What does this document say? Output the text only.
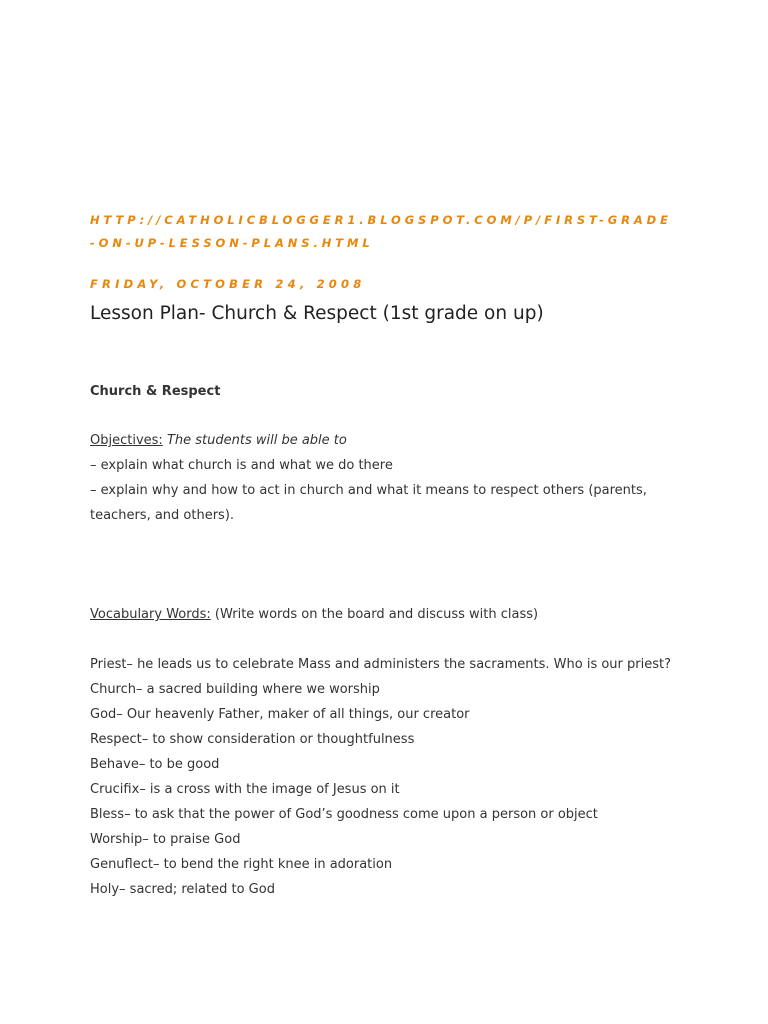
HTTP://CATHOLICBLOGGER1.BLOGSPOT.COM/P/FIRST-GRADE-ON-UP-LESSON-PLANS.HTML
FRIDAY, OCTOBER 24, 2008
Lesson Plan- Church & Respect (1st grade on up)
Church & Respect
Objectives: The students will be able to
– explain what church is and what we do there
– explain why and how to act in church and what it means to respect others (parents, teachers, and others).
Vocabulary Words: (Write words on the board and discuss with class)
Priest– he leads us to celebrate Mass and administers the sacraments. Who is our priest?
Church– a sacred building where we worship
God– Our heavenly Father, maker of all things, our creator
Respect– to show consideration or thoughtfulness
Behave– to be good
Crucifix– is a cross with the image of Jesus on it
Bless– to ask that the power of God’s goodness come upon a person or object
Worship– to praise God
Genuflect– to bend the right knee in adoration
Holy– sacred; related to God
